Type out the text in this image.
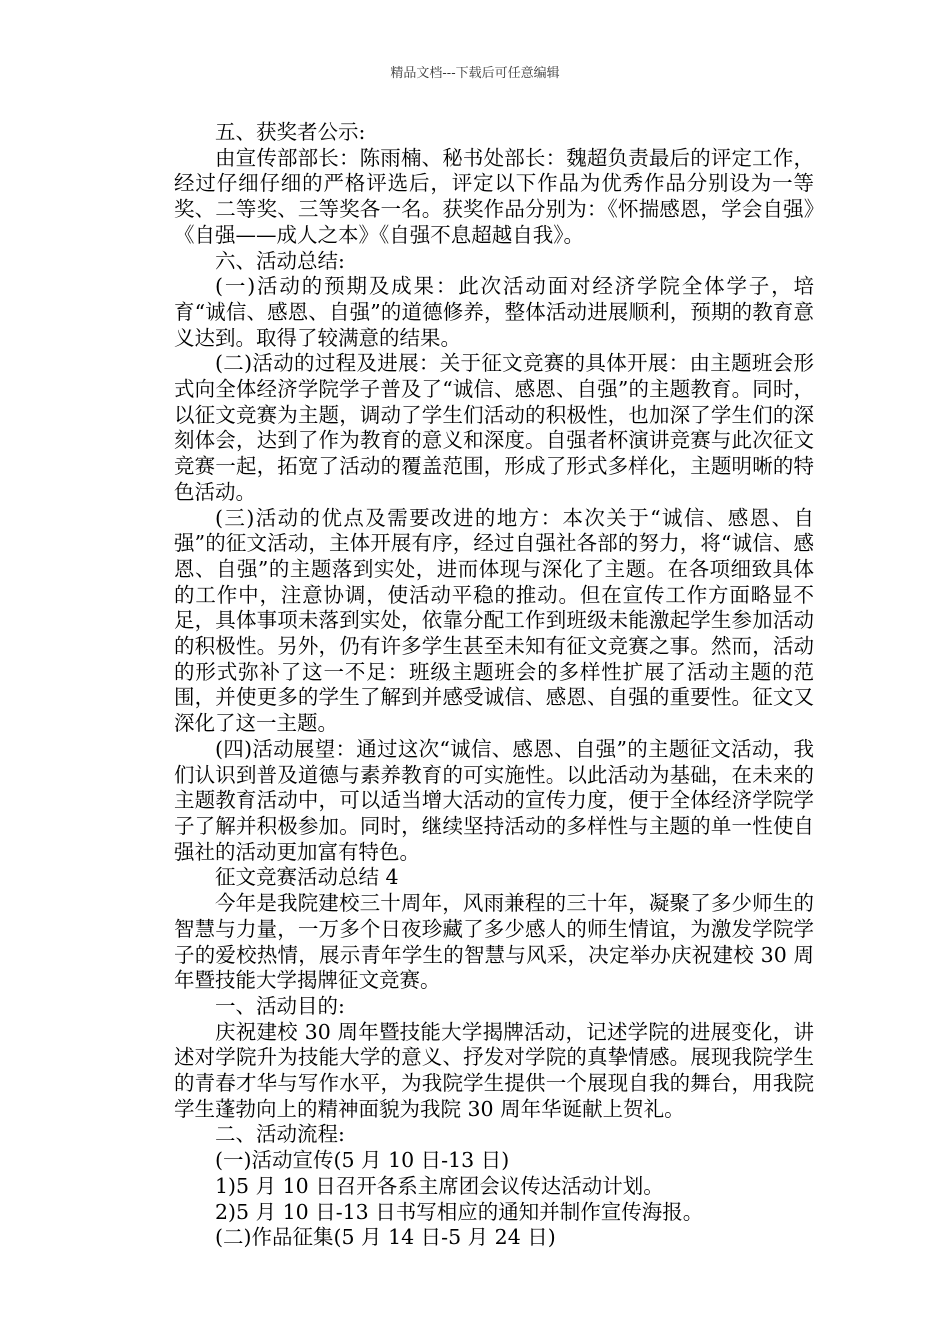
精品文档---下载后可任意编辑

五、获奖者公示:

由宣传部部长：陈雨楠、秘书处部长：魏超负责最后的评定工作，经过仔细仔细的严格评选后，评定以下作品为优秀作品分别设为一等奖、二等奖、三等奖各一名。获奖作品分别为：《怀揣感恩，学会自强》《自强——成人之本》《自强不息超越自我》。

六、活动总结:

(一)活动的预期及成果：此次活动面对经济学院全体学子，培育“诚信、感恩、自强”的道德修养，整体活动进展顺利，预期的教育意义达到。取得了较满意的结果。

(二)活动的过程及进展：关于征文竞赛的具体开展：由主题班会形式向全体经济学院学子普及了“诚信、感恩、自强”的主题教育。同时，以征文竞赛为主题，调动了学生们活动的积极性，也加深了学生们的深刻体会，达到了作为教育的意义和深度。自强者杯演讲竞赛与此次征文竞赛一起，拓宽了活动的覆盖范围，形成了形式多样化，主题明晰的特色活动。

(三)活动的优点及需要改进的地方：本次关于“诚信、感恩、自强”的征文活动，主体开展有序，经过自强社各部的努力，将“诚信、感恩、自强”的主题落到实处，进而体现与深化了主题。在各项细致具体的工作中，注意协调，使活动平稳的推动。但在宣传工作方面略显不足，具体事项未落到实处，依靠分配工作到班级未能激起学生参加活动的积极性。另外，仍有许多学生甚至未知有征文竞赛之事。然而，活动的形式弥补了这一不足：班级主题班会的多样性扩展了活动主题的范围，并使更多的学生了解到并感受诚信、感恩、自强的重要性。征文又深化了这一主题。

(四)活动展望：通过这次“诚信、感恩、自强”的主题征文活动，我们认识到普及道德与素养教育的可实施性。以此活动为基础，在未来的主题教育活动中，可以适当增大活动的宣传力度，便于全体经济学院学子了解并积极参加。同时，继续坚持活动的多样性与主题的单一性使自强社的活动更加富有特色。

征文竞赛活动总结 4

今年是我院建校三十周年，风雨兼程的三十年，凝聚了多少师生的智慧与力量，一万多个日夜珍藏了多少感人的师生情谊，为激发学院学子的爱校热情，展示青年学生的智慧与风采，决定举办庆祝建校 30 周年暨技能大学揭牌征文竞赛。

一、活动目的:

庆祝建校 30 周年暨技能大学揭牌活动，记述学院的进展变化，讲述对学院升为技能大学的意义、抒发对学院的真挚情感。展现我院学生的青春才华与写作水平，为我院学生提供一个展现自我的舞台，用我院学生蓬勃向上的精神面貌为我院 30 周年华诞献上贺礼。

二、活动流程:

(一)活动宣传(5 月 10 日-13 日)

1)5 月 10 日召开各系主席团会议传达活动计划。

2)5 月 10 日-13 日书写相应的通知并制作宣传海报。

(二)作品征集(5 月 14 日-5 月 24 日)
